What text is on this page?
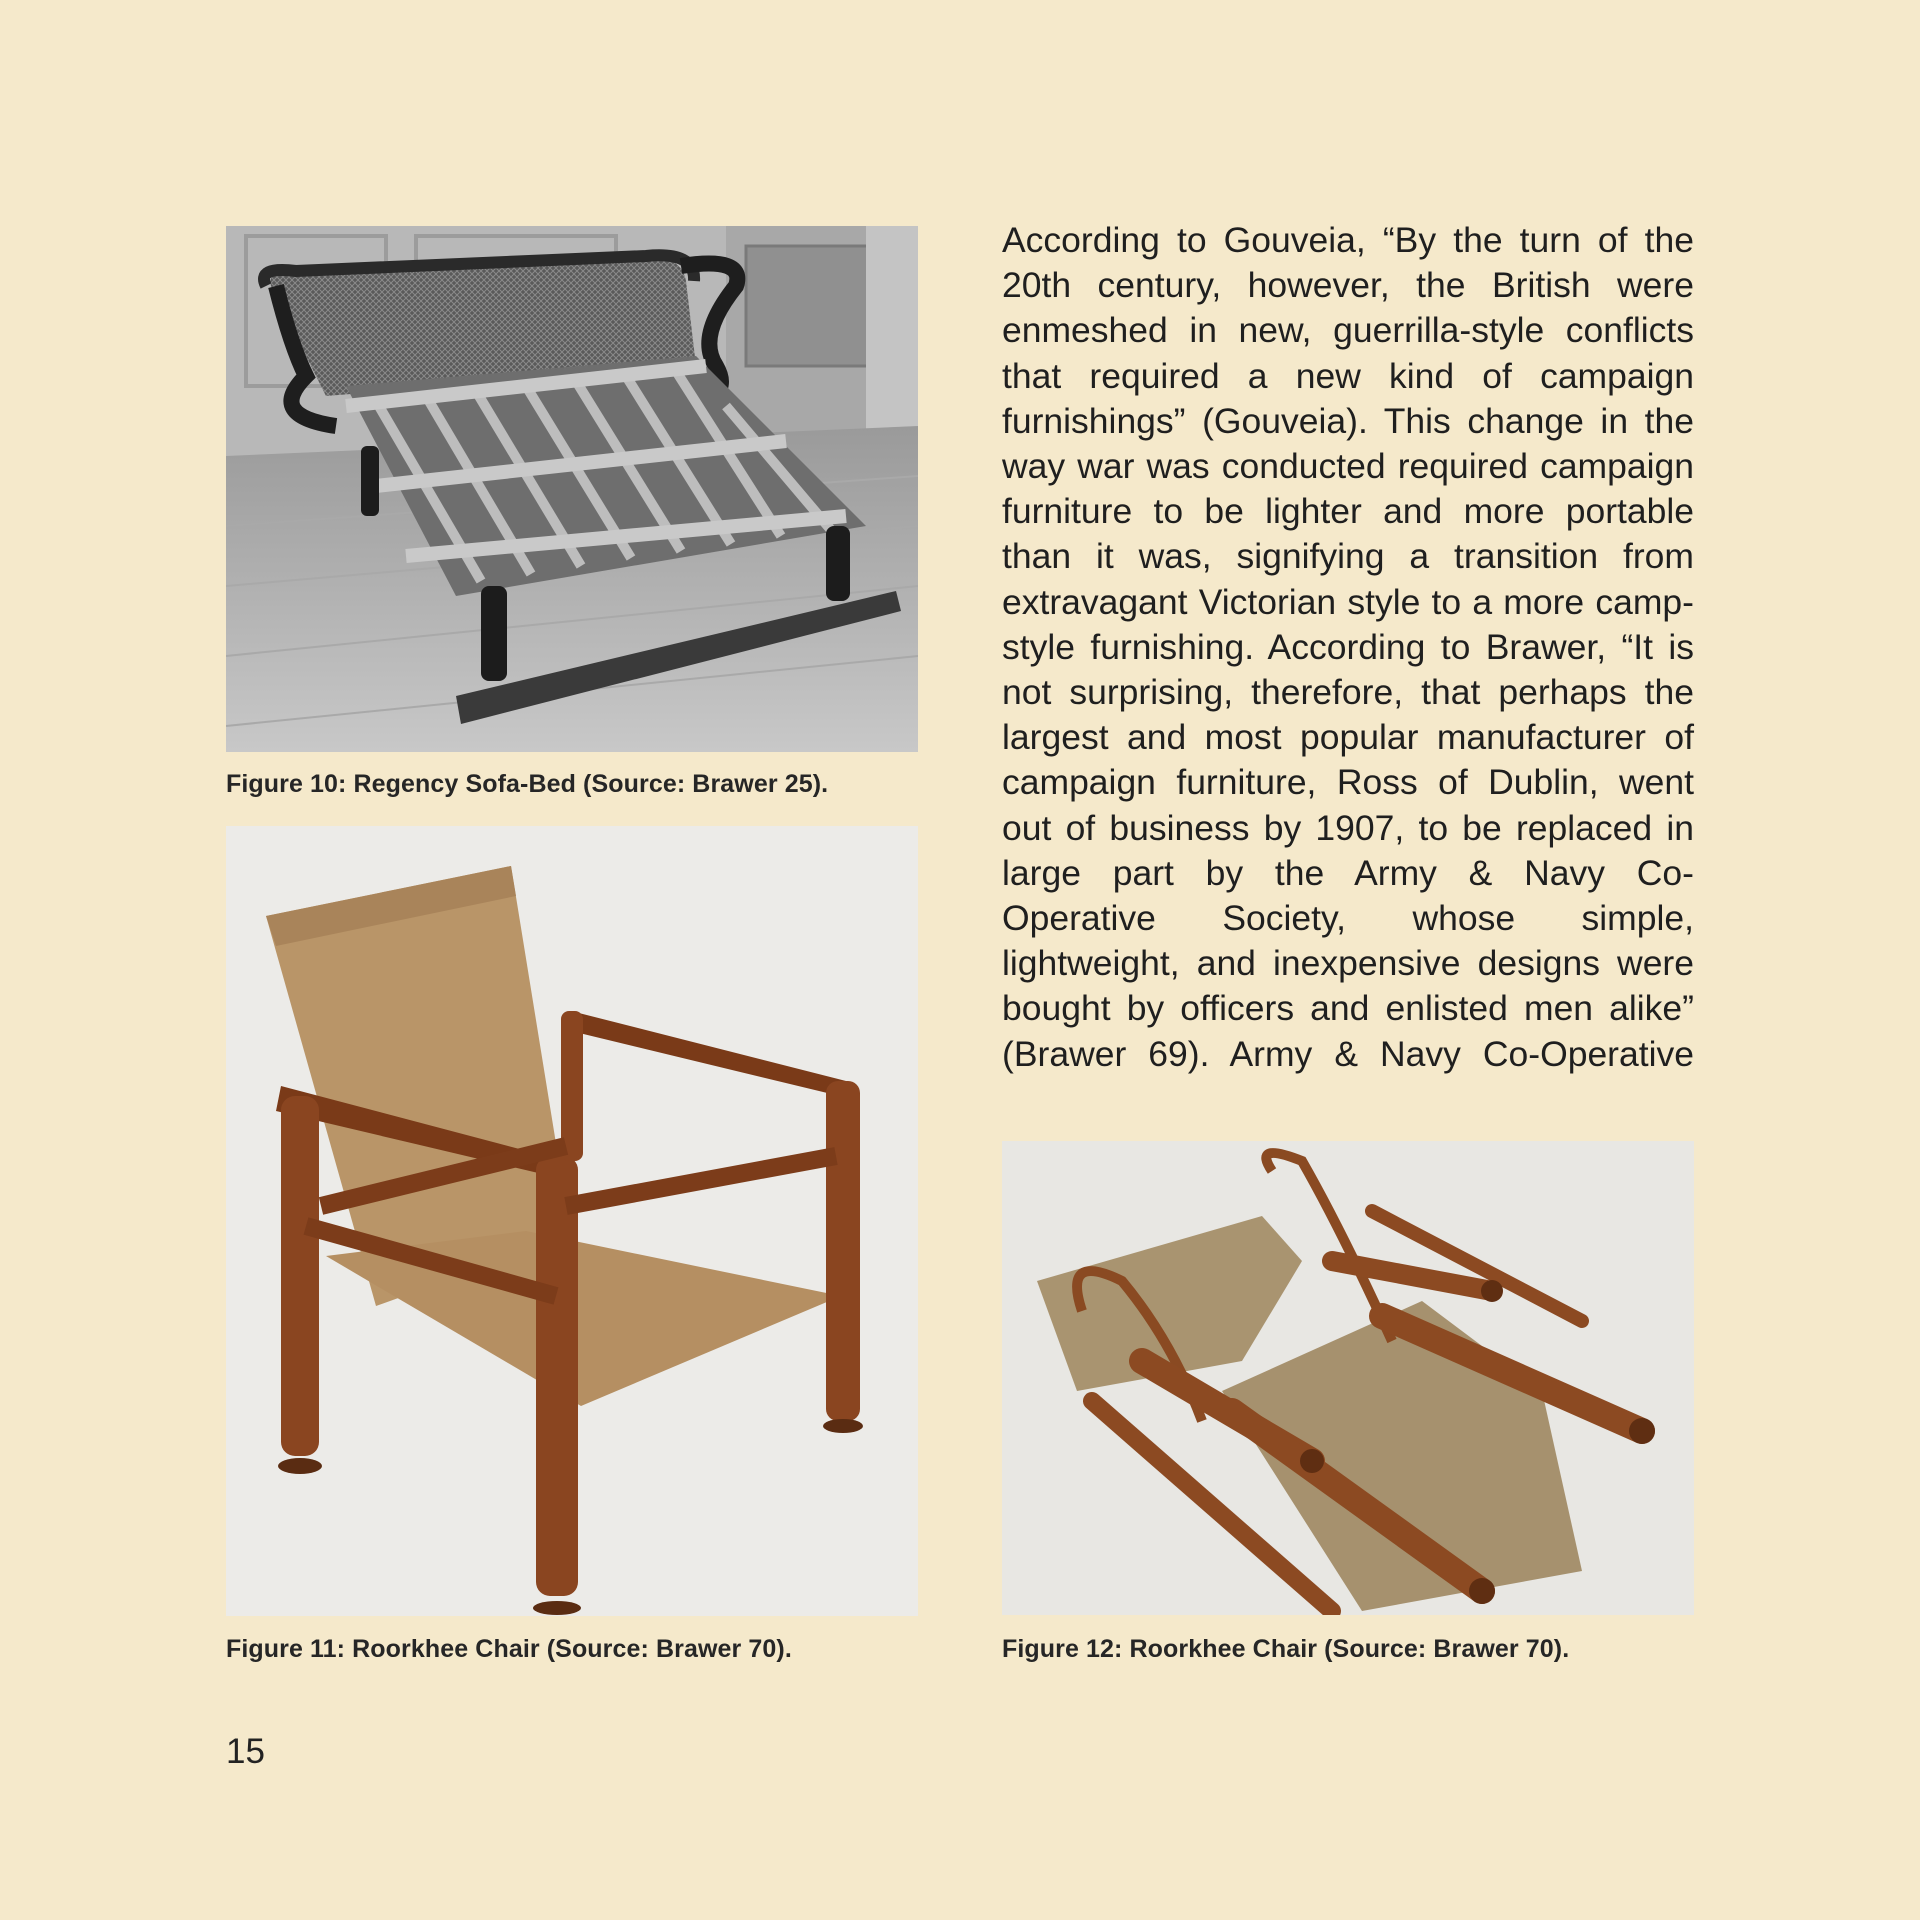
Figure 10: Regency Sofa-Bed (Source: Brawer 25).
Figure 11: Roorkhee Chair (Source: Brawer 70).
According to Gouveia, “By the turn of the 20th century, however, the British were enmeshed in new, guerrilla-style conflicts that required a new kind of campaign furnishings” (Gouveia). This change in the way war was conducted required campaign furniture to be lighter and more portable than it was, signifying a transition from extravagant Victorian style to a more camp-style furnishing. According to Brawer, “It is not surprising, therefore, that perhaps the largest and most popular manufacturer of campaign furniture, Ross of Dublin, went out of business by 1907, to be replaced in large part by the Army & Navy Co-Operative Society, whose simple, lightweight, and inexpensive designs were bought by officers and enlisted men alike” (Brawer 69). Army & Navy Co-Operative
Figure 12: Roorkhee Chair (Source: Brawer 70).
15
